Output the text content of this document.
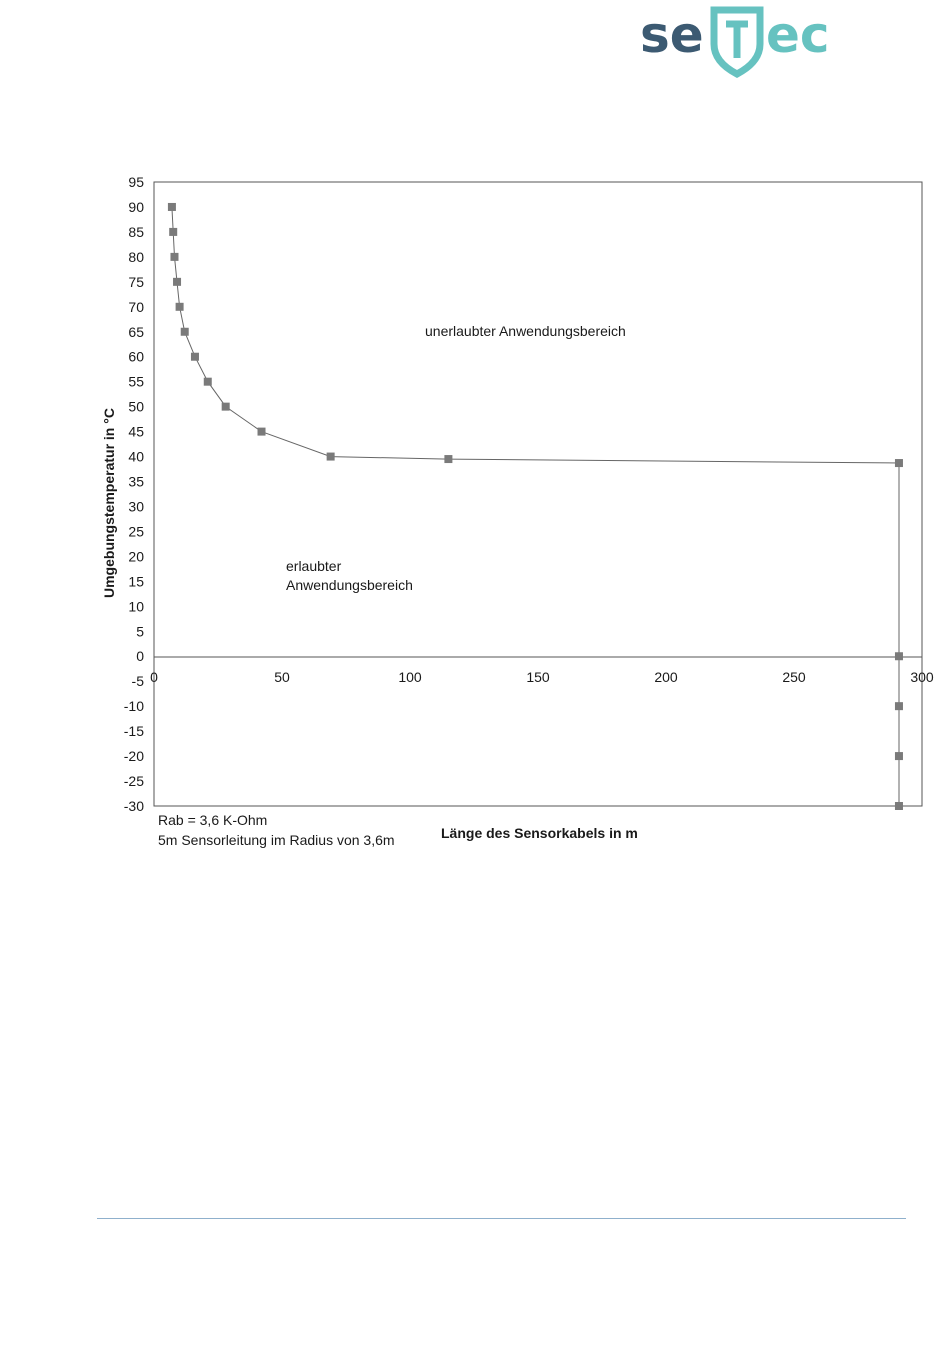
se ec
95
90
85
80
75
70
65
60
55
50
45
40
35
30
25
20
15
10
5
0
-5
-10
-15
-20
-25
-30
0	50	100	150	200	250	300
unerlaubter Anwendungsbereich
erlaubter
Anwendungsbereich
Rab = 3,6 K-Ohm
5m Sensorleitung im Radius von 3,6m	Länge des Sensorkabels in m
Umgebungstemperatur in °C
